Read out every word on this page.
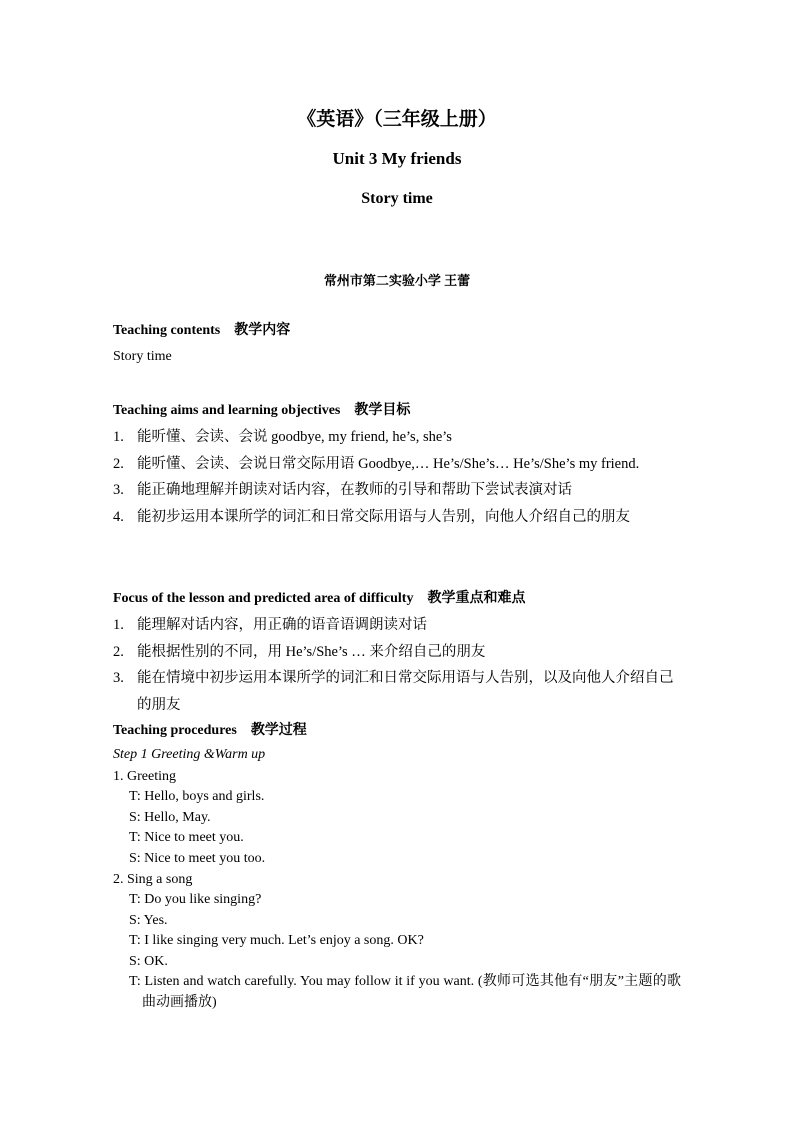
《英语》（三年级上册）
Unit 3 My friends
Story time
常州市第二实验小学 王蕾
Teaching contents 教学内容
Story time
Teaching aims and learning objectives 教学目标
1. 能听懂、会读、会说 goodbye, my friend, he’s, she’s
2. 能听懂、会读、会说日常交际用语 Goodbye,… He’s/She’s… He’s/She’s my friend.
3. 能正确地理解并朗读对话内容，在教师的引导和帮助下尝试表演对话
4. 能初步运用本课所学的词汇和日常交际用语与人告别，向他人介绍自己的朋友
Focus of the lesson and predicted area of difficulty 教学重点和难点
1. 能理解对话内容，用正确的语音语调朗读对话
2. 能根据性别的不同，用 He’s/She’s … 来介绍自己的朋友
3. 能在情境中初步运用本课所学的词汇和日常交际用语与人告别，以及向他人介绍自己的朋友
Teaching procedures 教学过程
Step 1 Greeting &Warm up
1. Greeting
T: Hello, boys and girls.
S: Hello, May.
T: Nice to meet you.
S: Nice to meet you too.
2. Sing a song
T: Do you like singing?
S: Yes.
T: I like singing very much. Let’s enjoy a song. OK?
S: OK.
T: Listen and watch carefully. You may follow it if you want. (教师可选其他有“朋友”主题的歌曲动画播放)
